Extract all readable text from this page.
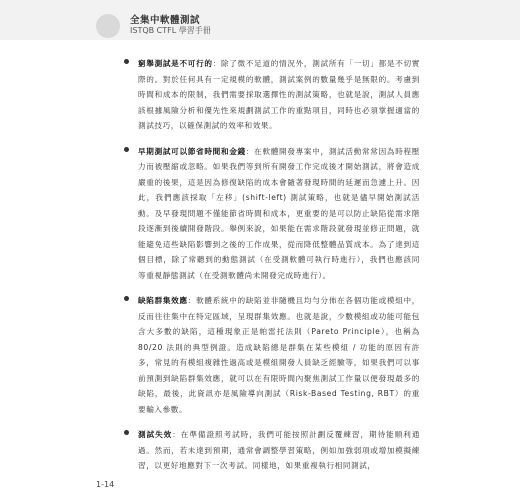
全集中軟體測試
ISTQB CTFL 學習手冊

窮舉測試是不可行的：除了微不足道的情況外，測試所有「一切」都是不切實際的。對於任何具有一定規模的軟體，測試案例的數量幾乎是無限的。考慮到時間和成本的限制，我們需要採取選擇性的測試策略，也就是說，測試人員應該根據風險分析和優先性來規劃測試工作的重點項目，同時也必須掌握適當的測試技巧，以確保測試的效率和效果。

早期測試可以節省時間和金錢：在軟體開發專案中，測試活動常常因為時程壓力而被壓縮或忽略。如果我們等到所有開發工作完成後才開始測試，將會造成嚴重的後果，這是因為修復缺陷的成本會隨著發現時間的延遲而急遽上升。因此，我們應該採取「左移」(shift-left) 測試策略，也就是儘早開始測試活動。及早發現問題不僅能節省時間和成本，更重要的是可以防止缺陷從需求階段逐漸到後續開發階段。舉例來說，如果能在需求階段就發現並修正問題，就能避免這些缺陷影響到之後的工作成果，從而降低整體品質成本。為了達到這個目標，除了常聽到的動態測試（在受測軟體可執行時進行），我們也應該同等重視靜態測試（在受測軟體尚未開發完成時進行）。

缺陷群集效應：軟體系統中的缺陷並非隨機且均勻分佈在各個功能或模組中，反而往往集中在特定區域，呈現群集效應。也就是說，少數模組或功能可能包含大多數的缺陷，這種現象正是帕雷托法則（Pareto Principle），也稱為 80/20 法則的典型例證。造成缺陷總是群集在某些模組 / 功能的原因有許多，常見的有模組複雜性過高或是模組開發人員缺乏經驗等，如果我們可以事前預測到缺陷群集效應，就可以在有限時間內聚焦測試工作量以便發現最多的缺陷，最後，此資訊亦是風險導向測試（Risk-Based Testing, RBT）的重要輸入參數。

測試失效：在準備證照考試時，我們可能按照計劃反覆練習，期待能順利通過。然而，若未達到預期，通常會調整學習策略，例如加強弱項或增加模擬練習，以更好地應對下一次考試。同樣地，如果重複執行相同測試，

1-14
